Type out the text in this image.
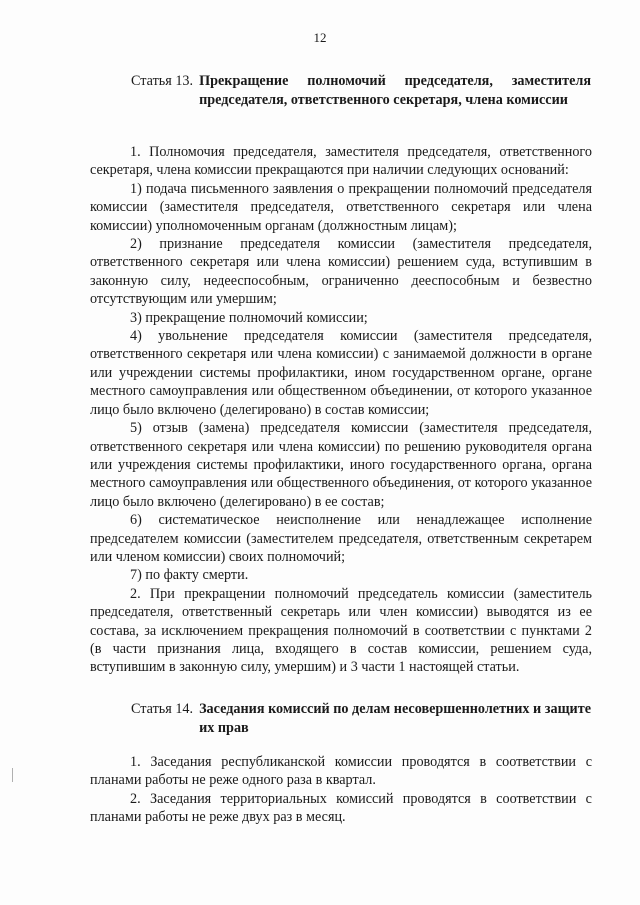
12
Статья 13. Прекращение полномочий председателя, заместителя председателя, ответственного секретаря, члена комиссии

1. Полномочия председателя, заместителя председателя, ответственного секретаря, члена комиссии прекращаются при наличии следующих оснований:

1) подача письменного заявления о прекращении полномочий председателя комиссии (заместителя председателя, ответственного секретаря или члена комиссии) уполномоченным органам (должностным лицам);

2) признание председателя комиссии (заместителя председателя, ответственного секретаря или члена комиссии) решением суда, вступившим в законную силу, недееспособным, ограниченно дееспособным и безвестно отсутствующим или умершим;

3) прекращение полномочий комиссии;

4) увольнение председателя комиссии (заместителя председателя, ответственного секретаря или члена комиссии) с занимаемой должности в органе или учреждении системы профилактики, ином государственном органе, органе местного самоуправления или общественном объединении, от которого указанное лицо было включено (делегировано) в состав комиссии;

5) отзыв (замена) председателя комиссии (заместителя председателя, ответственного секретаря или члена комиссии) по решению руководителя органа или учреждения системы профилактики, иного государственного органа, органа местного самоуправления или общественного объединения, от которого указанное лицо было включено (делегировано) в ее состав;

6) систематическое неисполнение или ненадлежащее исполнение председателем комиссии (заместителем председателя, ответственным секретарем или членом комиссии) своих полномочий;

7) по факту смерти.

2. При прекращении полномочий председатель комиссии (заместитель председателя, ответственный секретарь или член комиссии) выводятся из ее состава, за исключением прекращения полномочий в соответствии с пунктами 2 (в части признания лица, входящего в состав комиссии, решением суда, вступившим в законную силу, умершим) и 3 части 1 настоящей статьи.

Статья 14. Заседания комиссий по делам несовершеннолетних и защите их прав

1. Заседания республиканской комиссии проводятся в соответствии с планами работы не реже одного раза в квартал.

2. Заседания территориальных комиссий проводятся в соответствии с планами работы не реже двух раз в месяц.
